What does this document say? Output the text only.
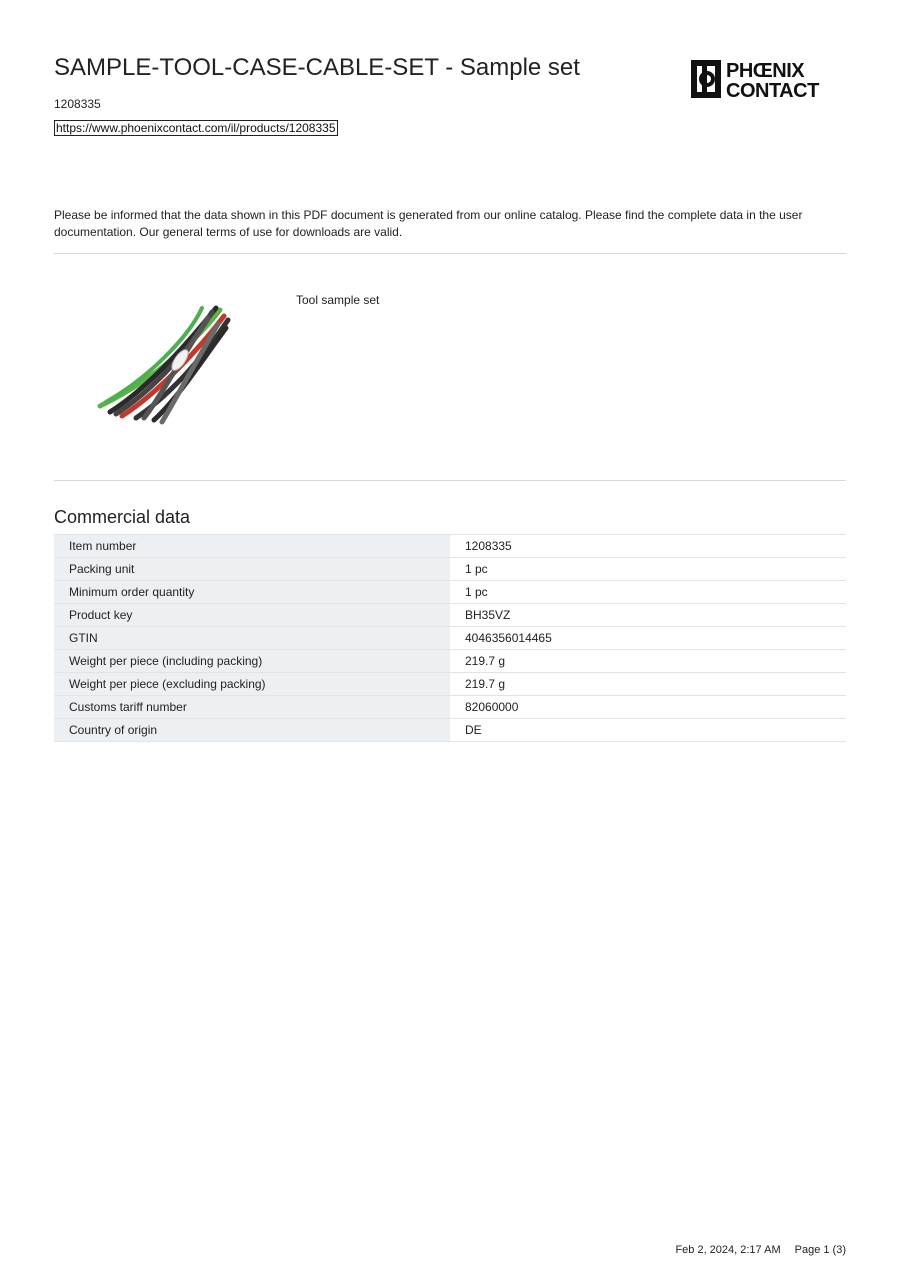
SAMPLE-TOOL-CASE-CABLE-SET - Sample set
1208335
https://www.phoenixcontact.com/il/products/1208335
PHŒNIX
CONTACT
Please be informed that the data shown in this PDF document is generated from our online catalog. Please find the complete data in the user documentation. Our general terms of use for downloads are valid.
Tool sample set
Commercial data
Item number	1208335
Packing unit	1 pc
Minimum order quantity	1 pc
Product key	BH35VZ
GTIN	4046356014465
Weight per piece (including packing)	219.7 g
Weight per piece (excluding packing)	219.7 g
Customs tariff number	82060000
Country of origin	DE
Feb 2, 2024, 2:17 AM Page 1 (3)
